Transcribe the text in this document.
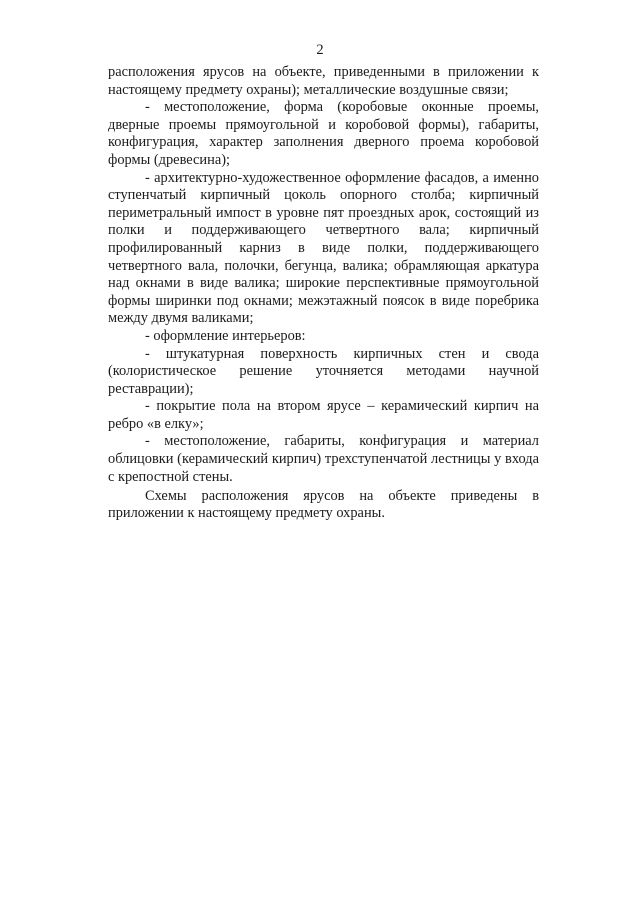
2

расположения ярусов на объекте, приведенными в приложении к настоящему предмету охраны); металлические воздушные связи;

- местоположение, форма (коробовые оконные проемы, дверные проемы прямоугольной и коробовой формы), габариты, конфигурация, характер заполнения дверного проема коробовой формы (древесина);

- архитектурно-художественное оформление фасадов, а именно ступенчатый кирпичный цоколь опорного столба; кирпичный периметральный импост в уровне пят проездных арок, состоящий из полки и поддерживающего четвертного вала; кирпичный профилированный карниз в виде полки, поддерживающего четвертного вала, полочки, бегунца, валика; обрамляющая аркатура над окнами в виде валика; широкие перспективные прямоугольной формы ширинки под окнами; межэтажный поясок в виде поребрика между двумя валиками;

- оформление интерьеров:

- штукатурная поверхность кирпичных стен и свода (колористическое решение уточняется методами научной реставрации);

- покрытие пола на втором ярусе – керамический кирпич на ребро «в елку»;

- местоположение, габариты, конфигурация и материал облицовки (керамический кирпич) трехступенчатой лестницы у входа с крепостной стены.

Схемы расположения ярусов на объекте приведены в приложении к настоящему предмету охраны.
